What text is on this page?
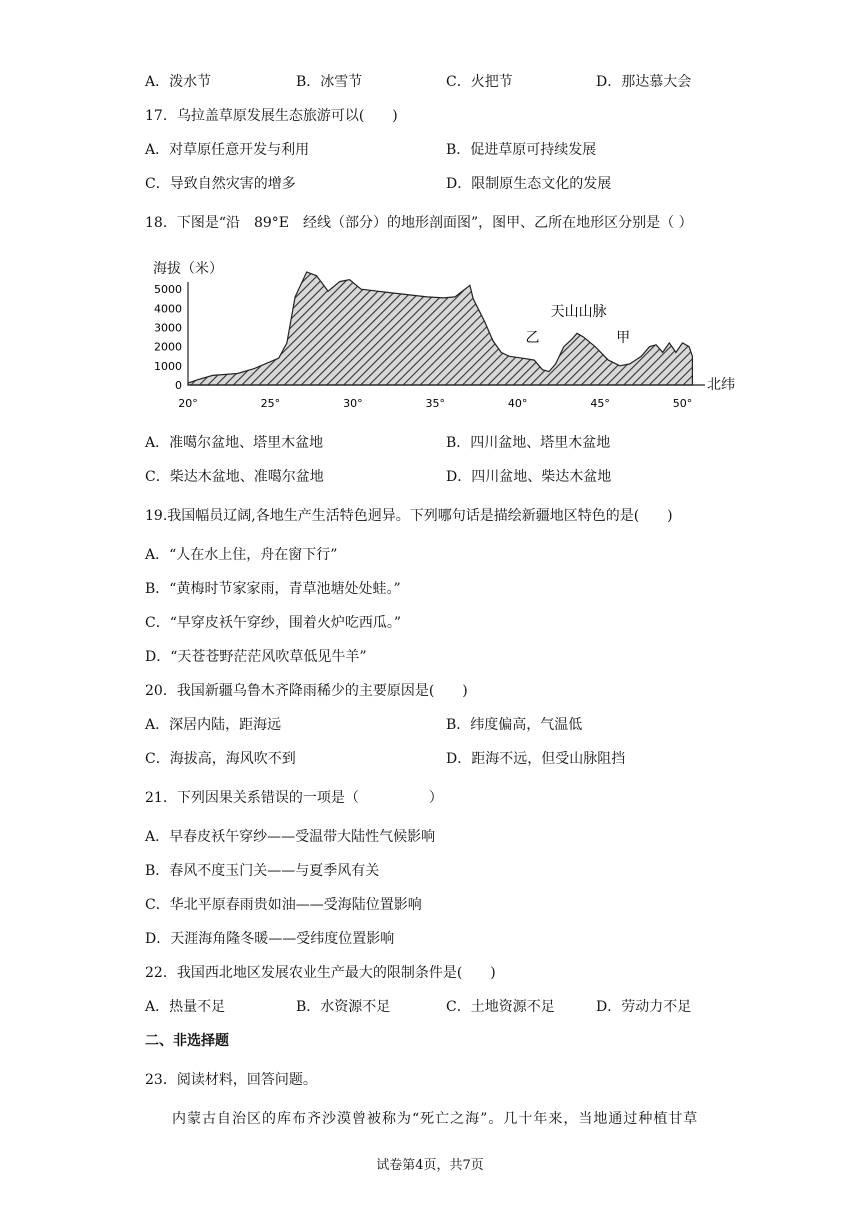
A．泼水节	B．冰雪节	C．火把节	D．那达慕大会
17．乌拉盖草原发展生态旅游可以(　　)
A．对草原任意开发与利用	B．促进草原可持续发展
C．导致自然灾害的增多	D．限制原生态文化的发展
18．下图是“沿　89°E　经线（部分）的地形剖面图”，图甲、乙所在地形区分别是（ ）
海拔（米）
0
1000
2000
3000
4000
5000
20°	25°	30°	35°	40°	45°	50°
北纬
天山山脉
乙	甲
A．准噶尔盆地、塔里木盆地	B．四川盆地、塔里木盆地
C．柴达木盆地、准噶尔盆地	D．四川盆地、柴达木盆地
19.我国幅员辽阔,各地生产生活特色迥异。下列哪句话是描绘新疆地区特色的是(　　)
A．“人在水上住，舟在窗下行”
B．“黄梅时节家家雨，青草池塘处处蛙。”
C．“早穿皮袄午穿纱，围着火炉吃西瓜。”
D．“天苍苍野茫茫风吹草低见牛羊”
20．我国新疆乌鲁木齐降雨稀少的主要原因是(　　)
A．深居内陆，距海远	B．纬度偏高，气温低
C．海拔高，海风吹不到	D．距海不远，但受山脉阻挡
21．下列因果关系错误的一项是（　　　　　）
A．早春皮袄午穿纱——受温带大陆性气候影响
B．春风不度玉门关——与夏季风有关
C．华北平原春雨贵如油——受海陆位置影响
D．天涯海角隆冬暖——受纬度位置影响
22．我国西北地区发展农业生产最大的限制条件是(　　)
A．热量不足	B．水资源不足	C．土地资源不足	D．劳动力不足
二、非选择题
23．阅读材料，回答问题。
内蒙古自治区的库布齐沙漠曾被称为“死亡之海”。几十年来，当地通过种植甘草
试卷第4页，共7页
